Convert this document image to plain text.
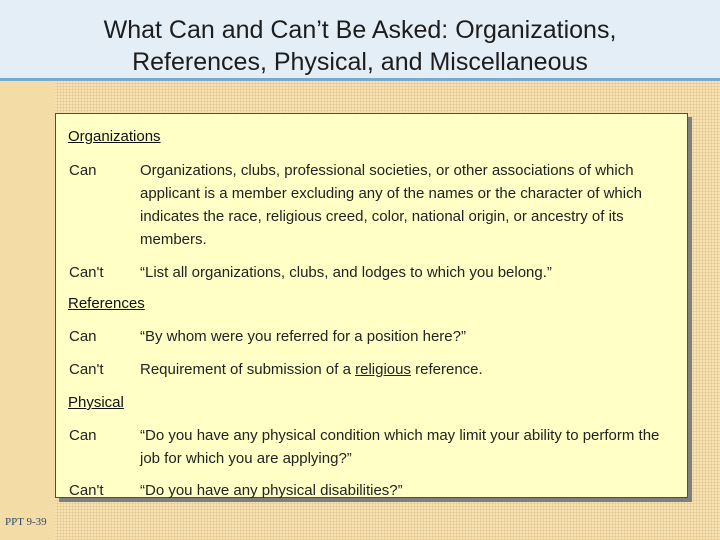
What Can and Can’t Be Asked: Organizations,
References, Physical, and Miscellaneous
Organizations
Can	Organizations, clubs, professional societies, or other associations of which applicant is a member excluding any of the names or the character of which indicates the race, religious creed, color, national origin, or ancestry of its members.
Can't “List all organizations, clubs, and lodges to which you belong.”
References
Can	“By whom were you referred for a position here?”
Can't Requirement of submission of a religious reference.
Physical
Can	“Do you have any physical condition which may limit your ability to perform the job for which you are applying?”
Can't “Do you have any physical disabilities?”
PPT 9-39
